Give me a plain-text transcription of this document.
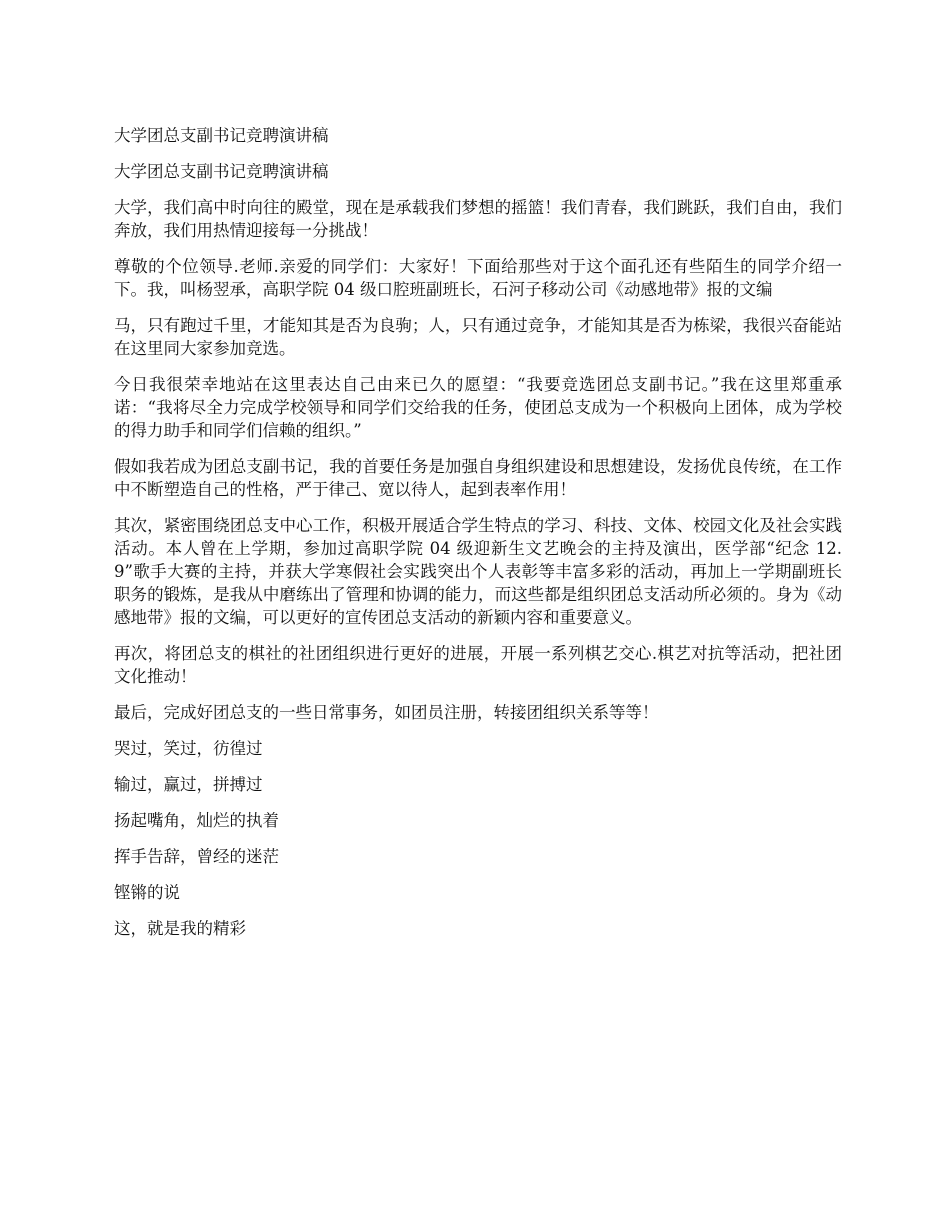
大学团总支副书记竞聘演讲稿

大学团总支副书记竞聘演讲稿

大学，我们高中时向往的殿堂，现在是承载我们梦想的摇篮！我们青春，我们跳跃，我们自由，我们奔放，我们用热情迎接每一分挑战！

尊敬的个位领导.老师.亲爱的同学们：大家好！下面给那些对于这个面孔还有些陌生的同学介绍一下。我，叫杨翌承，高职学院 04 级口腔班副班长，石河子移动公司《动感地带》报的文编

马，只有跑过千里，才能知其是否为良驹；人，只有通过竞争，才能知其是否为栋梁，我很兴奋能站在这里同大家参加竞选。

今日我很荣幸地站在这里表达自己由来已久的愿望：“我要竞选团总支副书记。”我在这里郑重承诺：“我将尽全力完成学校领导和同学们交给我的任务，使团总支成为一个积极向上团体，成为学校的得力助手和同学们信赖的组织。”

假如我若成为团总支副书记，我的首要任务是加强自身组织建设和思想建设，发扬优良传统，在工作中不断塑造自己的性格，严于律己、宽以待人，起到表率作用！

其次，紧密围绕团总支中心工作，积极开展适合学生特点的学习、科技、文体、校园文化及社会实践活动。本人曾在上学期，参加过高职学院 04 级迎新生文艺晚会的主持及演出，医学部“纪念 12.9”歌手大赛的主持，并获大学寒假社会实践突出个人表彰等丰富多彩的活动，再加上一学期副班长职务的锻炼，是我从中磨练出了管理和协调的能力，而这些都是组织团总支活动所必须的。身为《动感地带》报的文编，可以更好的宣传团总支活动的新颖内容和重要意义。

再次，将团总支的棋社的社团组织进行更好的进展，开展一系列棋艺交心.棋艺对抗等活动，把社团文化推动！

最后，完成好团总支的一些日常事务，如团员注册，转接团组织关系等等！

哭过，笑过，彷徨过

输过，赢过，拼搏过

扬起嘴角，灿烂的执着

挥手告辞，曾经的迷茫

铿锵的说

这，就是我的精彩
